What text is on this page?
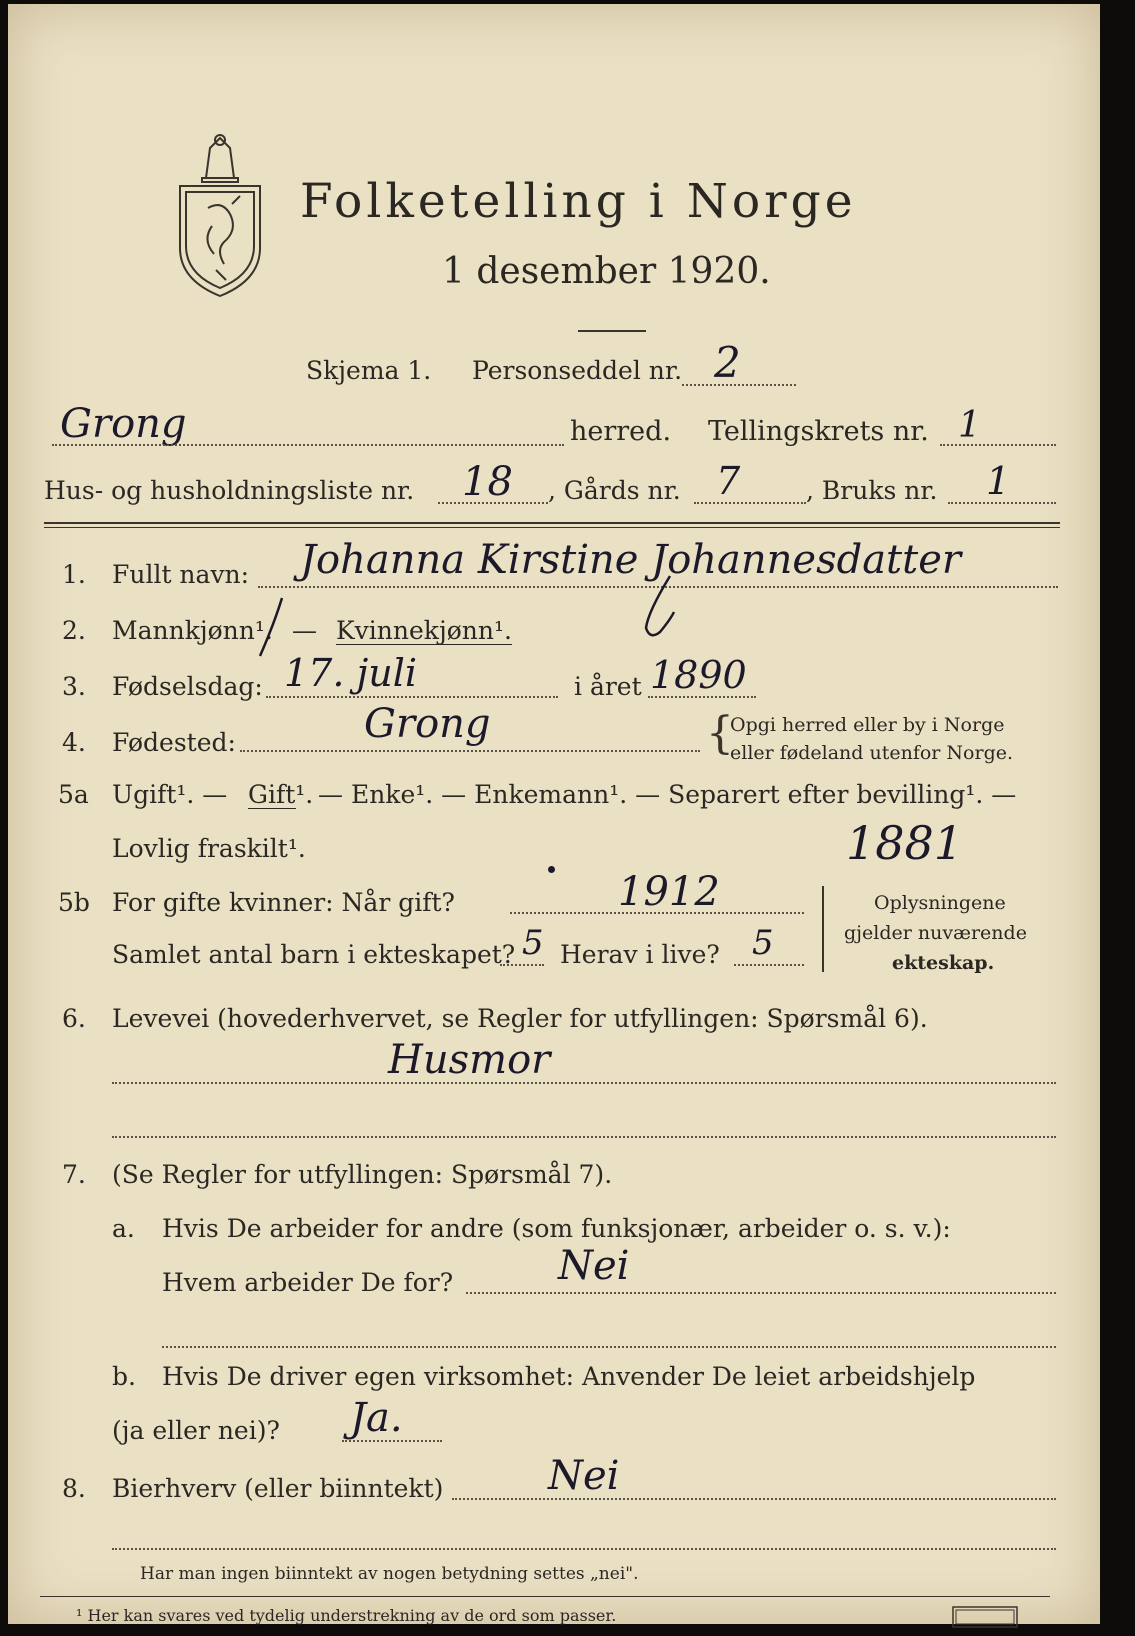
Folketelling i Norge
1 desember 1920.
Skjema 1. Personseddel nr. 2
Grong	herred. Tellingskrets nr. 1
Hus- og husholdningsliste nr. 18 , Gårds nr. 7	, Bruks nr. 1
1. Fullt navn: Johanna Kirstine Johannesdatter
2. Mannkjønn¹. — Kvinnekjønn¹.
3. Fødselsdag: 17. juli	i året 1890
4. Fødested:	Grong	{
Opgi herred eller by i Norge
eller fødeland utenfor Norge.
5a Ugift¹. — Gift¹. — Enke¹. — Enkemann¹. — Separert efter bevilling¹. —
Lovlig fraskilt¹.	1881
5b For gifte kvinner: Når gift?	1912
Samlet antal barn i ekteskapet? 5 Herav i live? 5
Oplysningene
gjelder nuværende
ekteskap.
6. Levevei (hovederhvervet, se Regler for utfyllingen: Spørsmål 6).
Husmor
7. (Se Regler for utfyllingen: Spørsmål 7).
a. Hvis De arbeider for andre (som funksjonær, arbeider o. s. v.):
Hvem arbeider De for?	Nei
b. Hvis De driver egen virksomhet: Anvender De leiet arbeidshjelp
(ja eller nei)? Ja.
8. Bierhverv (eller biinntekt)	Nei
Har man ingen biinntekt av nogen betydning settes „nei".
¹ Her kan svares ved tydelig understrekning av de ord som passer.
